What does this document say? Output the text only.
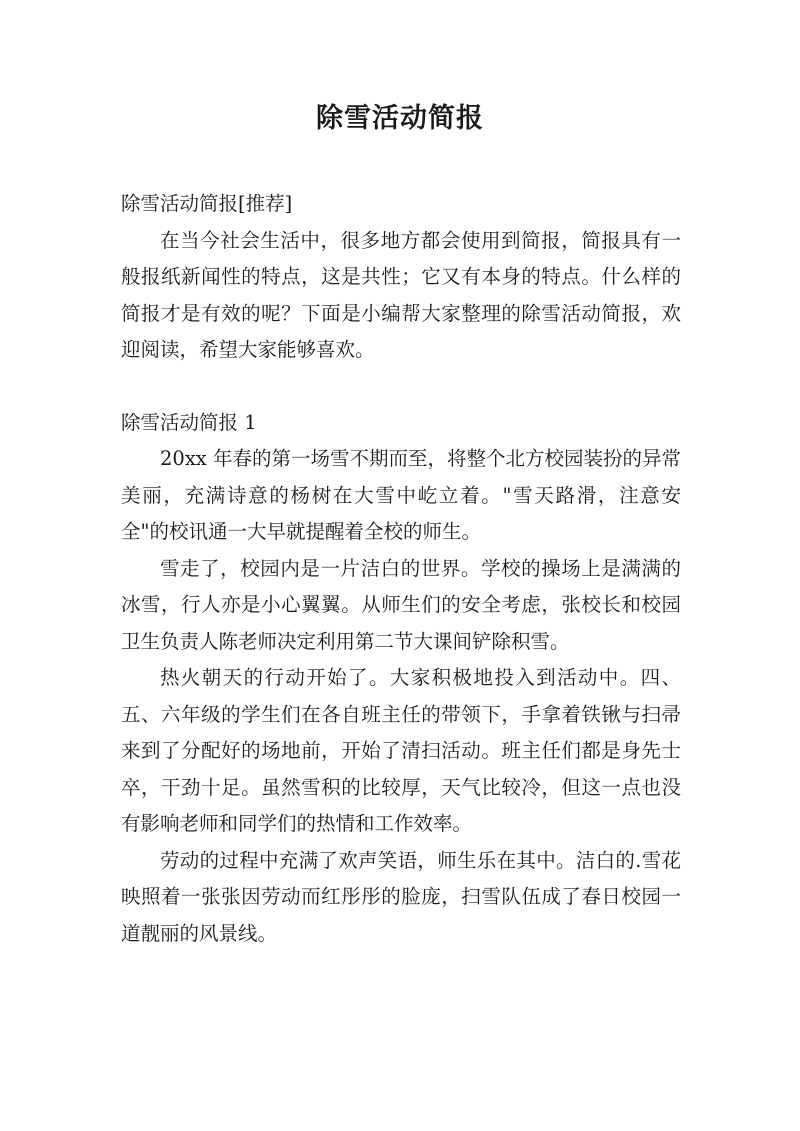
除雪活动简报

除雪活动简报[推荐]

在当今社会生活中，很多地方都会使用到简报，简报具有一般报纸新闻性的特点，这是共性；它又有本身的特点。什么样的简报才是有效的呢？下面是小编帮大家整理的除雪活动简报，欢迎阅读，希望大家能够喜欢。

除雪活动简报 1

20xx 年春的第一场雪不期而至，将整个北方校园装扮的异常美丽，充满诗意的杨树在大雪中屹立着。"雪天路滑，注意安全"的校讯通一大早就提醒着全校的师生。

雪走了，校园内是一片洁白的世界。学校的操场上是满满的冰雪，行人亦是小心翼翼。从师生们的安全考虑，张校长和校园卫生负责人陈老师决定利用第二节大课间铲除积雪。

热火朝天的行动开始了。大家积极地投入到活动中。四、五、六年级的学生们在各自班主任的带领下，手拿着铁锹与扫帚来到了分配好的场地前，开始了清扫活动。班主任们都是身先士卒，干劲十足。虽然雪积的比较厚，天气比较冷，但这一点也没有影响老师和同学们的热情和工作效率。

劳动的过程中充满了欢声笑语，师生乐在其中。洁白的.雪花映照着一张张因劳动而红彤彤的脸庞，扫雪队伍成了春日校园一道靓丽的风景线。
